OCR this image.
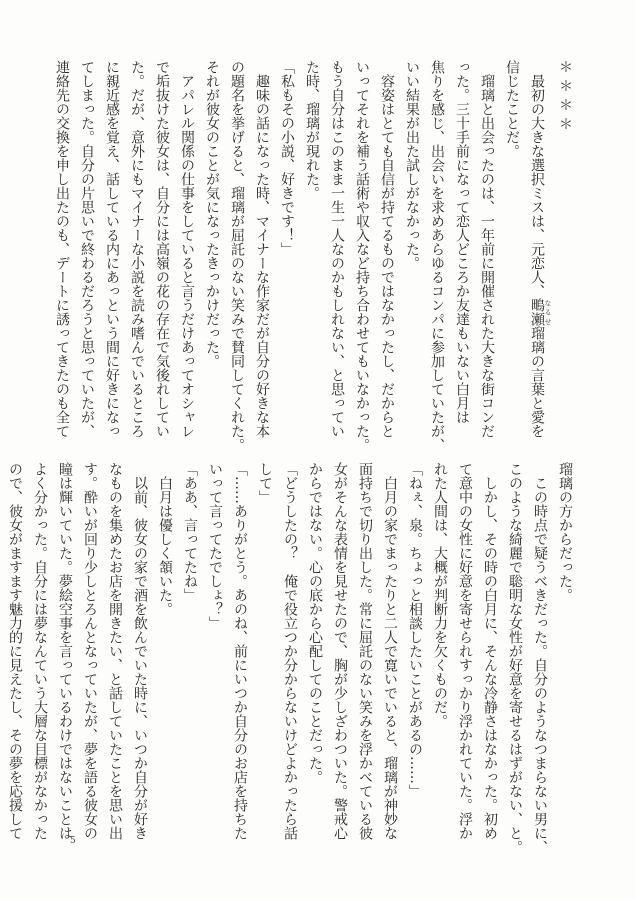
＊＊＊＊

　最初の大きな選択ミスは、元恋人、鴫瀬 なるせ瑠璃の言葉と愛を

信じたことだ。

　瑠璃と出会ったのは、一年前に開催された大きな街コンだ

った。三十手前になって恋人どころか友達もいない白月は

焦りを感じ、出会いを求めあらゆるコンパに参加していたが、

いい結果が出た試しがなかった。

　容姿はとても自信が持てるものではなかったし、だからと

いってそれを補う話術や収入など持ち合わせてもいなかった。

もう自分はこのまま一生一人なのかもしれない、と思ってい

た時、瑠璃が現れた。

「私もその小説、好きです！」

　趣味の話になった時、マイナーな作家だが自分の好きな本

の題名を挙げると、瑠璃が屈託のない笑みで賛同してくれた。

それが彼女のことが気になったきっかけだった。

　アパレル関係の仕事をしていると言うだけあってオシャレ

で垢抜けた彼女は、自分には高嶺の花の存在で気後れしてい

た。だが、意外にもマイナーな小説を読み嗜んでいるところ

に親近感を覚え、話している内にあっという間に好きになっ

てしまった。自分の片思いで終わるだろうと思っていたが、

連絡先の交換を申し出たのも、デートに誘ってきたのも全て

瑠璃の方からだった。

　この時点で疑うべきだった。自分のようなつまらない男に、

このような綺麗で聡明な女性が好意を寄せるはずがない、と。

　しかし、その時の白月に、そんな冷静さはなかった。初め

て意中の女性に好意を寄せられすっかり浮かれていた。浮か

れた人間は、大概が判断力を欠くものだ。

「ねぇ、泉。ちょっと相談したいことがあるの……」

　白月の家でまったりと二人で寛いでいると、瑠璃が神妙な

面持ちで切り出した。常に屈託のない笑みを浮かべている彼

女がそんな表情を見せたので、胸が少しざわついた。警戒心

からではない。心の底から心配してのことだった。

「どうしたの？　俺で役立つか分からないけどよかったら話

して」

「……ありがとう。あのね、前にいつか自分のお店を持ちた

いって言ってたでしょ？」

「ああ、言ってたね」

　白月は優しく頷いた。

　以前、彼女の家で酒を飲んでいた時に、いつか自分が好き

なものを集めたお店を開きたい、と話していたことを思い出

す。酔いが回り少しとろんとなっていたが、夢を語る彼女の

瞳は輝いていた。夢絵空事を言っているわけではないことは

よく分かった。自分には夢なんていう大層な目標がなかった

ので、彼女がますます魅力的に見えたし、その夢を応援して

5
